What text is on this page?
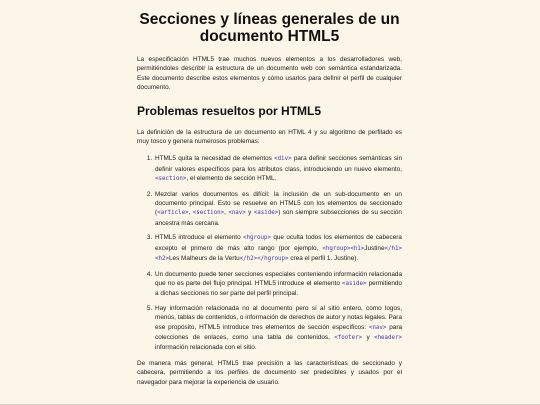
Secciones y líneas generales de un documento HTML5

La especificación HTML5 trae muchos nuevos elementos a los desarrolladores web, permitiéndoles describir la estructura de un documento web con semántica estandarizada. Este documento describe estos elementos y cómo usarlos para definir el perfil de cualquier documento.

Problemas resueltos por HTML5

La definición de la estructura de un documento en HTML 4 y su algoritmo de perfilado es muy tosco y genera numerosos problemas:

1. HTML5 quita la necesidad de elementos <div> para definir secciones semánticas sin definir valores específicos para los atributos class, introduciendo un nuevo elemento, <section>, el elemento de sección HTML.
2. Mezclar varios documentos es difícil: la inclusión de un sub-documento en un documento principal. Esto se resuelve en HTML5 con los elementos de seccionado (<article>, <section>, <nav> y <aside>) son siempre subsecciones de su sección ancestra más cercana.
3. HTML5 introduce el elemento <hgroup> que oculta todos los elementos de cabecera excepto el primero de más alto rango (por ejemplo, <hgroup><h1>Justine</h1><h2>Les Malheurs de la Vertu</h2></hgroup> crea el perfil 1. Justine).
4. Un documento puede tener secciones especiales conteniendo información relacionada que no es parte del flujo principal. HTML5 introduce el elemento <aside> permitiendo a dichas secciones no ser parte del perfil principal.
5. Hay información relacionada no al documento pero sí al sitio entero, como logos, menús, tablas de contenidos, o información de derechos de autor y notas legales. Para ese propósito, HTML5 introduce tres elementos de sección específicos: <nav> para colecciones de enlaces, como una tabla de contenidos, <footer> y <header> información relacionada con el sitio.

De manera más general, HTML5 trae precisión a las características de seccionado y cabecera, permitiendo a los perfiles de documento ser predecibles y usados por el navegador para mejorar la experiencia de usuario.
